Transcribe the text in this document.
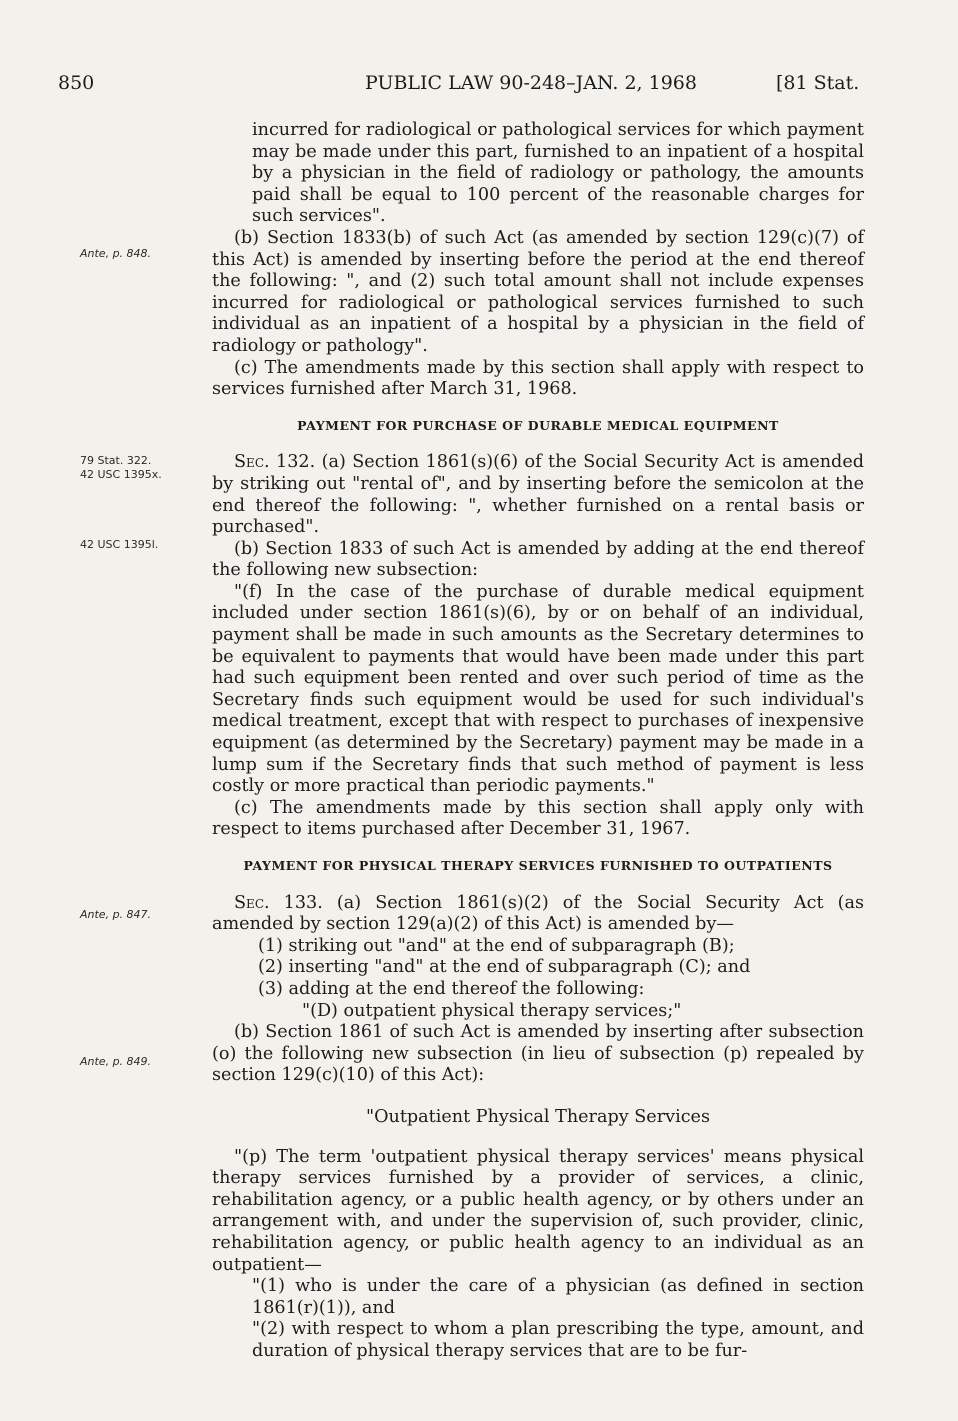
850	PUBLIC LAW 90-248–JAN. 2, 1968	[81 Stat.
Ante, p. 848.
79 Stat. 322.
42 USC 1395x.
42 USC 1395l.
Ante, p. 847.
Ante, p. 849.

incurred for radiological or pathological services for which payment may be made under this part, furnished to an inpatient of a hospital by a physician in the field of radiology or pathology, the amounts paid shall be equal to 100 percent of the reasonable charges for such services".

(b) Section 1833(b) of such Act (as amended by section 129(c)(7) of this Act) is amended by inserting before the period at the end thereof the following: ", and (2) such total amount shall not include expenses incurred for radiological or pathological services furnished to such individual as an inpatient of a hospital by a physician in the field of radiology or pathology".

(c) The amendments made by this section shall apply with respect to services furnished after March 31, 1968.

PAYMENT FOR PURCHASE OF DURABLE MEDICAL EQUIPMENT

Sec. 132. (a) Section 1861(s)(6) of the Social Security Act is amended by striking out "rental of", and by inserting before the semicolon at the end thereof the following: ", whether furnished on a rental basis or purchased".

(b) Section 1833 of such Act is amended by adding at the end thereof the following new subsection:

"(f) In the case of the purchase of durable medical equipment included under section 1861(s)(6), by or on behalf of an individual, payment shall be made in such amounts as the Secretary determines to be equivalent to payments that would have been made under this part had such equipment been rented and over such period of time as the Secretary finds such equipment would be used for such individual's medical treatment, except that with respect to purchases of inexpensive equipment (as determined by the Secretary) payment may be made in a lump sum if the Secretary finds that such method of payment is less costly or more practical than periodic payments."

(c) The amendments made by this section shall apply only with respect to items purchased after December 31, 1967.

PAYMENT FOR PHYSICAL THERAPY SERVICES FURNISHED TO OUTPATIENTS

Sec. 133. (a) Section 1861(s)(2) of the Social Security Act (as amended by section 129(a)(2) of this Act) is amended by—

(1) striking out "and" at the end of subparagraph (B);

(2) inserting "and" at the end of subparagraph (C); and

(3) adding at the end thereof the following:

"(D) outpatient physical therapy services;"

(b) Section 1861 of such Act is amended by inserting after subsection (o) the following new subsection (in lieu of subsection (p) repealed by section 129(c)(10) of this Act):

"Outpatient Physical Therapy Services

"(p) The term 'outpatient physical therapy services' means physical therapy services furnished by a provider of services, a clinic, rehabilitation agency, or a public health agency, or by others under an arrangement with, and under the supervision of, such provider, clinic, rehabilitation agency, or public health agency to an individual as an outpatient—

"(1) who is under the care of a physician (as defined in section 1861(r)(1)), and

"(2) with respect to whom a plan prescribing the type, amount, and duration of physical therapy services that are to be fur-
